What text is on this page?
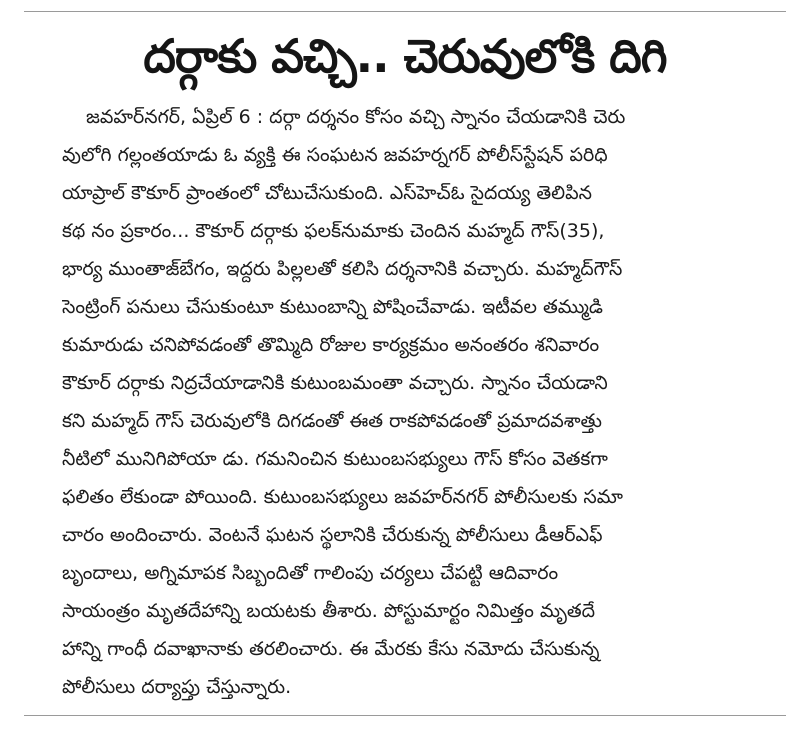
దర్గాకు వచ్చి.. చెరువులోకి దిగి
జవహర్‌నగర్, ఏప్రిల్ 6 : దర్గా దర్శనం కోసం వచ్చి స్నానం చేయడానికి చెరు
వులోగి గల్లంతయాడు ఓ వ్యక్తి ఈ సంఘటన జవహర్నగర్ పోలీస్‌స్టేషన్ పరిధి
యాప్రాల్ కౌకూర్ ప్రాంతంలో చోటుచేసుకుంది. ఎస్‌హెచ్ఓ సైదయ్య తెలిపిన
కథ నం ప్రకారం... కౌకూర్ దర్గాకు ఫలక్‌నుమాకు చెందిన మహ్మద్ గౌస్(35),
భార్య ముంతాజ్‌బేగం, ఇద్దరు పిల్లలతో కలిసి దర్శనానికి వచ్చారు. మహ్మద్‌గౌస్
సెంట్రింగ్ పనులు చేసుకుంటూ కుటుంబాన్ని పోషించేవాడు. ఇటీవల తమ్ముడి
కుమారుడు చనిపోవడంతో తొమ్మిది రోజుల కార్యక్రమం అనంతరం శనివారం
కౌకూర్ దర్గాకు నిద్రచేయాడానికి కుటుంబమంతా వచ్చారు. స్నానం చేయడాని
కని మహ్మద్ గౌస్ చెరువులోకి దిగడంతో ఈత రాకపోవడంతో ప్రమాదవశాత్తు
నీటిలో మునిగిపోయా డు. గమనించిన కుటుంబసభ్యులు గౌస్ కోసం వెతకగా
ఫలితం లేకుండా పోయింది. కుటుంబసభ్యులు జవహర్‌నగర్ పోలీసులకు సమా
చారం అందించారు. వెంటనే ఘటన స్థలానికి చేరుకున్న పోలీసులు డీఆర్ఎఫ్
బృందాలు, అగ్నిమాపక సిబ్బందితో గాలింపు చర్యలు చేపట్టి ఆదివారం
సాయంత్రం మృతదేహాన్ని బయటకు తీశారు. పోస్టుమార్టం నిమిత్తం మృతదే
హాన్ని గాంధీ దవాఖానాకు తరలించారు. ఈ మేరకు కేసు నమోదు చేసుకున్న
పోలీసులు దర్యాప్తు చేస్తున్నారు.
